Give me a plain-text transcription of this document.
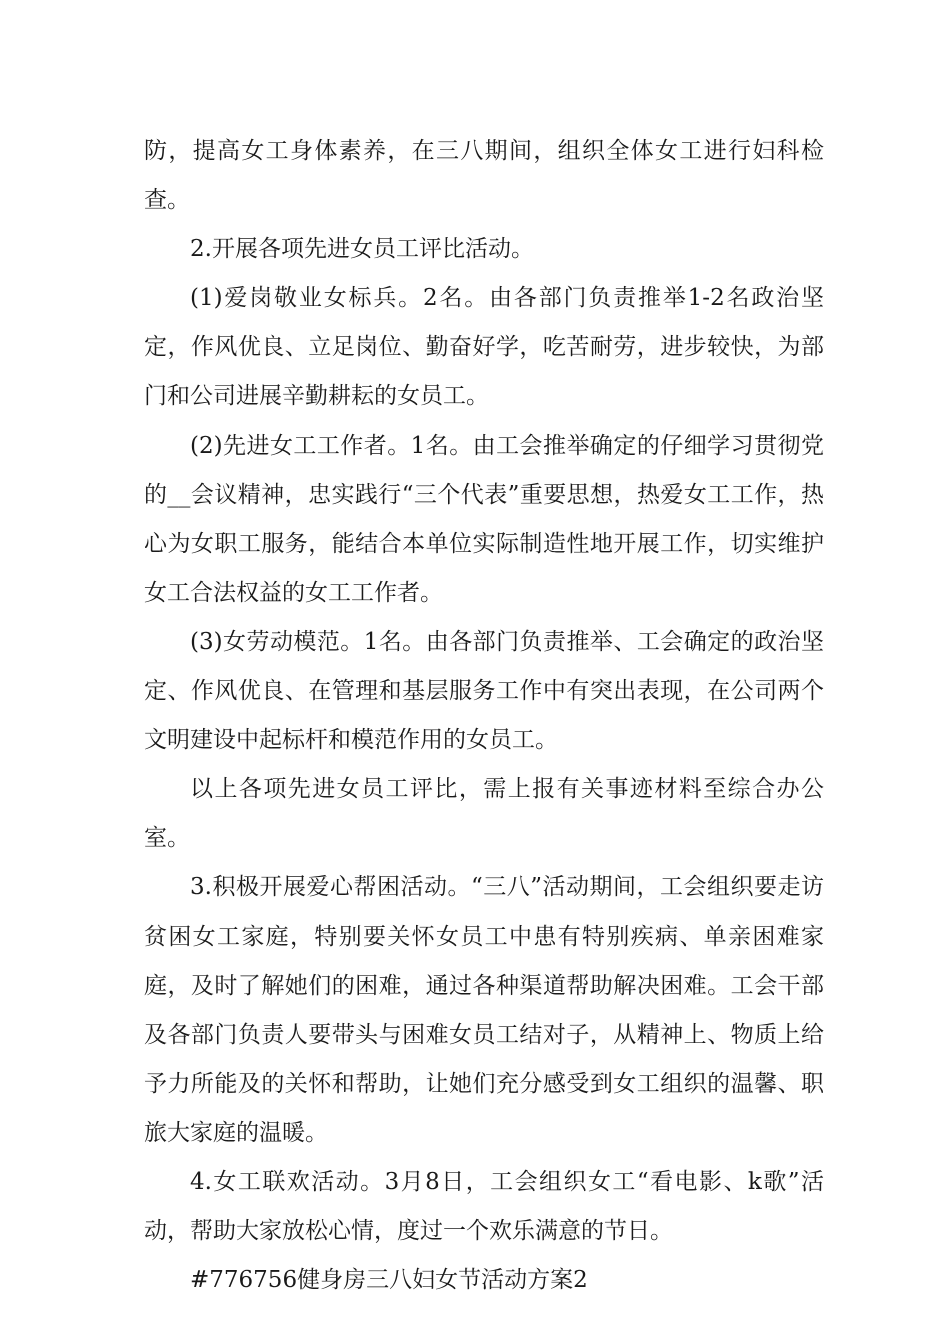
防，提高女工身体素养，在三八期间，组织全体女工进行妇科检查。

2.开展各项先进女员工评比活动。

(1)爱岗敬业女标兵。2名。由各部门负责推举1-2名政治坚定，作风优良、立足岗位、勤奋好学，吃苦耐劳，进步较快，为部门和公司进展辛勤耕耘的女员工。

(2)先进女工工作者。1名。由工会推举确定的仔细学习贯彻党的__会议精神，忠实践行“三个代表”重要思想，热爱女工工作，热心为女职工服务，能结合本单位实际制造性地开展工作，切实维护女工合法权益的女工工作者。

(3)女劳动模范。1名。由各部门负责推举、工会确定的政治坚定、作风优良、在管理和基层服务工作中有突出表现，在公司两个文明建设中起标杆和模范作用的女员工。

以上各项先进女员工评比，需上报有关事迹材料至综合办公室。

3.积极开展爱心帮困活动。“三八”活动期间，工会组织要走访贫困女工家庭，特别要关怀女员工中患有特别疾病、单亲困难家庭，及时了解她们的困难，通过各种渠道帮助解决困难。工会干部及各部门负责人要带头与困难女员工结对子，从精神上、物质上给予力所能及的关怀和帮助，让她们充分感受到女工组织的温馨、职旅大家庭的温暖。

4.女工联欢活动。3月8日，工会组织女工“看电影、k歌”活动，帮助大家放松心情，度过一个欢乐满意的节日。

#776756健身房三八妇女节活动方案2
